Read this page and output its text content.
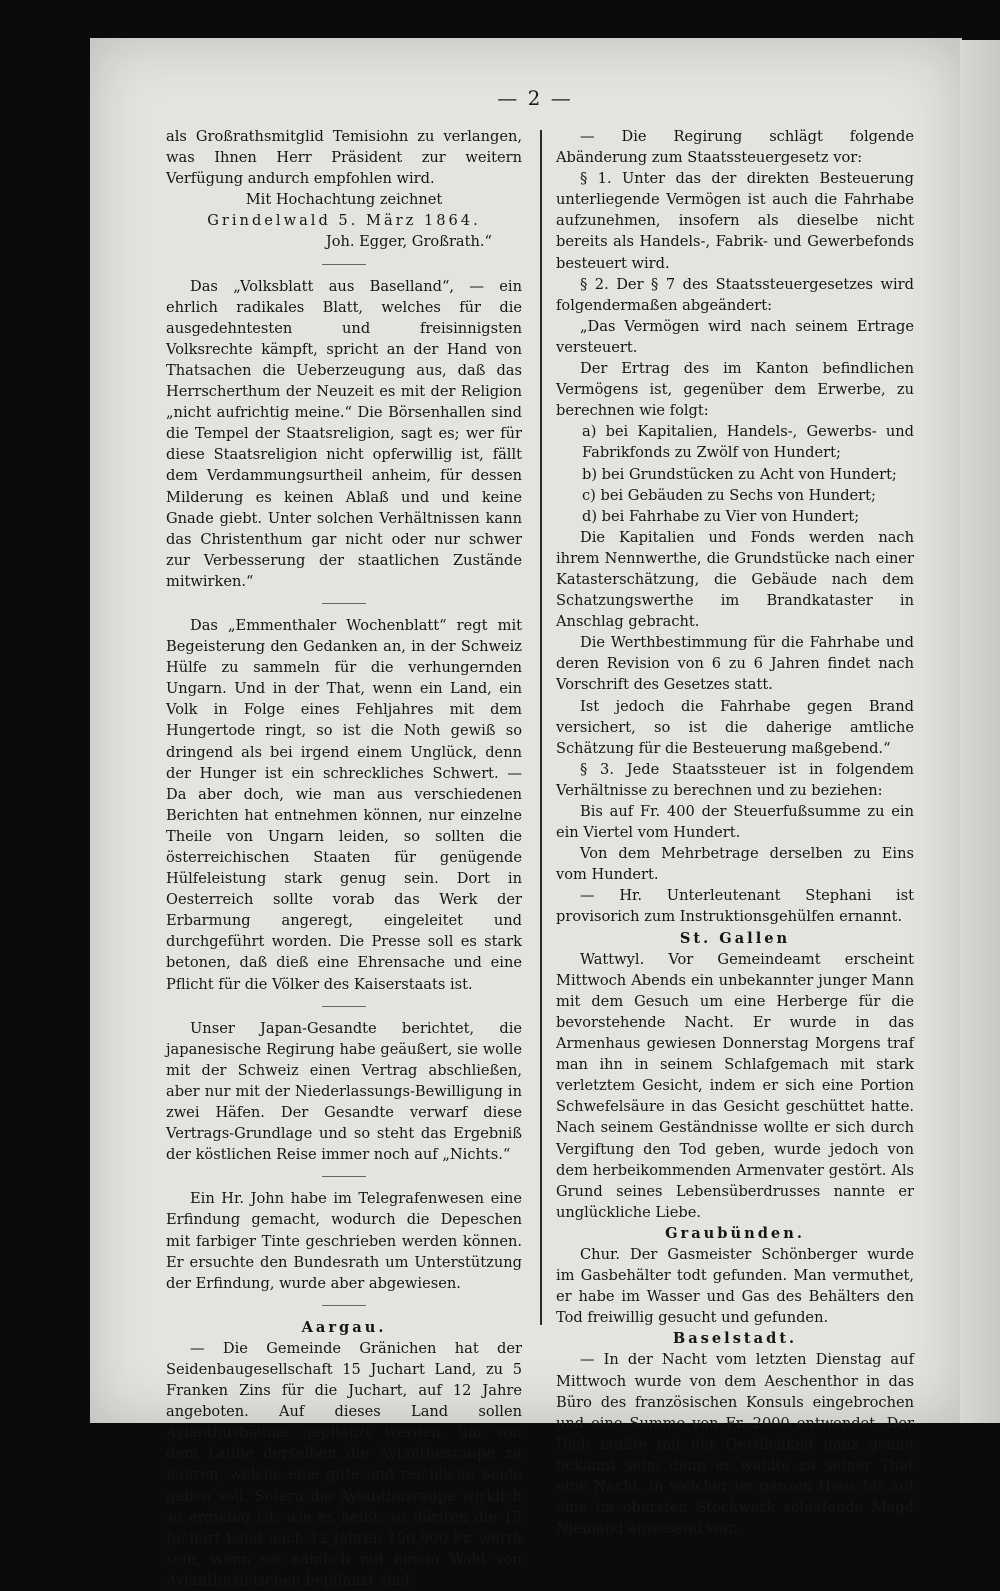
— 2 —

als Großrathsmitglid Temisiohn zu verlangen, was Ihnen Herr Präsident zur weitern Verfügung andurch empfohlen wird.

Mit Hochachtung zeichnet

Grindelwald 5. März 1864.

Joh. Egger, Großrath.“

Das „Volksblatt aus Baselland“, — ein ehrlich radikales Blatt, welches für die ausgedehntesten und freisinnigsten Volksrechte kämpft, spricht an der Hand von Thatsachen die Ueberzeugung aus, daß das Herrscherthum der Neuzeit es mit der Religion „nicht aufrichtig meine.“ Die Börsenhallen sind die Tempel der Staatsreligion, sagt es; wer für diese Staatsreligion nicht opferwillig ist, fällt dem Verdammungsurtheil anheim, für dessen Milderung es keinen Ablaß und und keine Gnade giebt. Unter solchen Verhältnissen kann das Christenthum gar nicht oder nur schwer zur Verbesserung der staatlichen Zustände mitwirken.“

Das „Emmenthaler Wochenblatt“ regt mit Begeisterung den Gedanken an, in der Schweiz Hülfe zu sammeln für die verhungernden Ungarn. Und in der That, wenn ein Land, ein Volk in Folge eines Fehljahres mit dem Hungertode ringt, so ist die Noth gewiß so dringend als bei irgend einem Unglück, denn der Hunger ist ein schreckliches Schwert. — Da aber doch, wie man aus verschiedenen Berichten hat entnehmen können, nur einzelne Theile von Ungarn leiden, so sollten die österreichischen Staaten für genügende Hülfeleistung stark genug sein. Dort in Oesterreich sollte vorab das Werk der Erbarmung angeregt, eingeleitet und durchgeführt worden. Die Presse soll es stark betonen, daß dieß eine Ehrensache und eine Pflicht für die Völker des Kaiserstaats ist.

Unser Japan-Gesandte berichtet, die japanesische Regirung habe geäußert, sie wolle mit der Schweiz einen Vertrag abschließen, aber nur mit der Niederlassungs-Bewilligung in zwei Häfen. Der Gesandte verwarf diese Vertrags-Grundlage und so steht das Ergebniß der köstlichen Reise immer noch auf „Nichts.“

Ein Hr. John habe im Telegrafenwesen eine Erfindung gemacht, wodurch die Depeschen mit farbiger Tinte geschrieben werden können. Er ersuchte den Bundesrath um Unterstützung der Erfindung, wurde aber abgewiesen.

Aargau.

— Die Gemeinde Gränichen hat der Seidenbaugesellschaft 15 Juchart Land, zu 5 Franken Zins für die Juchart, auf 12 Jahre angeboten. Auf dieses Land sollen Aylanthusbäume gepflanzt werden, um von dem Laube derselben die Aylanthusraupe zu nähren, welche eine gute und reichliche Seide geben soll. Sofern die Aylanthusraupe wirklich so ergiebig ist, wie es heißt, so dürften die 15 Juchart Land nach 12 Jahren 150,000 Fr. werth sein, wenn sie nämlich mit einem Wald von Aylanthusbüschen bepflanzt sind.

— Die Regirung schlägt folgende Abänderung zum Staatssteuergesetz vor:

§ 1. Unter das der direkten Besteuerung unterliegende Vermögen ist auch die Fahrhabe aufzunehmen, insofern als dieselbe nicht bereits als Handels-, Fabrik- und Gewerbefonds besteuert wird.

§ 2. Der § 7 des Staatssteuergesetzes wird folgendermaßen abgeändert:

„Das Vermögen wird nach seinem Ertrage versteuert.

Der Ertrag des im Kanton befindlichen Vermögens ist, gegenüber dem Erwerbe, zu berechnen wie folgt:

a) bei Kapitalien, Handels-, Gewerbs- und Fabrikfonds zu Zwölf von Hundert;

b) bei Grundstücken zu Acht von Hundert;

c) bei Gebäuden zu Sechs von Hundert;

d) bei Fahrhabe zu Vier von Hundert;

Die Kapitalien und Fonds werden nach ihrem Nennwerthe, die Grundstücke nach einer Katasterschätzung, die Gebäude nach dem Schatzungswerthe im Brandkataster in Anschlag gebracht.

Die Werthbestimmung für die Fahrhabe und deren Revision von 6 zu 6 Jahren findet nach Vorschrift des Gesetzes statt.

Ist jedoch die Fahrhabe gegen Brand versichert, so ist die daherige amtliche Schätzung für die Besteuerung maßgebend.“

§ 3. Jede Staatssteuer ist in folgendem Verhältnisse zu berechnen und zu beziehen:

Bis auf Fr. 400 der Steuerfußsumme zu ein ein Viertel vom Hundert.

Von dem Mehrbetrage derselben zu Eins vom Hundert.

— Hr. Unterleutenant Stephani ist provisorich zum Instruktionsgehülfen ernannt.

St. Gallen

Wattwyl. Vor Gemeindeamt erscheint Mittwoch Abends ein unbekannter junger Mann mit dem Gesuch um eine Herberge für die bevorstehende Nacht. Er wurde in das Armenhaus gewiesen Donnerstag Morgens traf man ihn in seinem Schlafgemach mit stark verletztem Gesicht, indem er sich eine Portion Schwefelsäure in das Gesicht geschüttet hatte. Nach seinem Geständnisse wollte er sich durch Vergiftung den Tod geben, wurde jedoch von dem herbeikommenden Armenvater gestört. Als Grund seines Lebensüberdrusses nannte er unglückliche Liebe.

Graubünden.

Chur. Der Gasmeister Schönberger wurde im Gasbehälter todt gefunden. Man vermuthet, er habe im Wasser und Gas des Behälters den Tod freiwillig gesucht und gefunden.

Baselstadt.

— In der Nacht vom letzten Dienstag auf Mittwoch wurde von dem Aeschenthor in das Büro des französischen Konsuls eingebrochen und eine Summe von Fr. 2000 entwendet. Der Dieb mußte mit der Oertlichkeit ganz genau bekannt sein; denn er wählte zu seiner That eine Nacht, in welcher im ganzen Haus bis auf eine im obersten Stockwerk schlafende Magd Niemand anwesend war.
